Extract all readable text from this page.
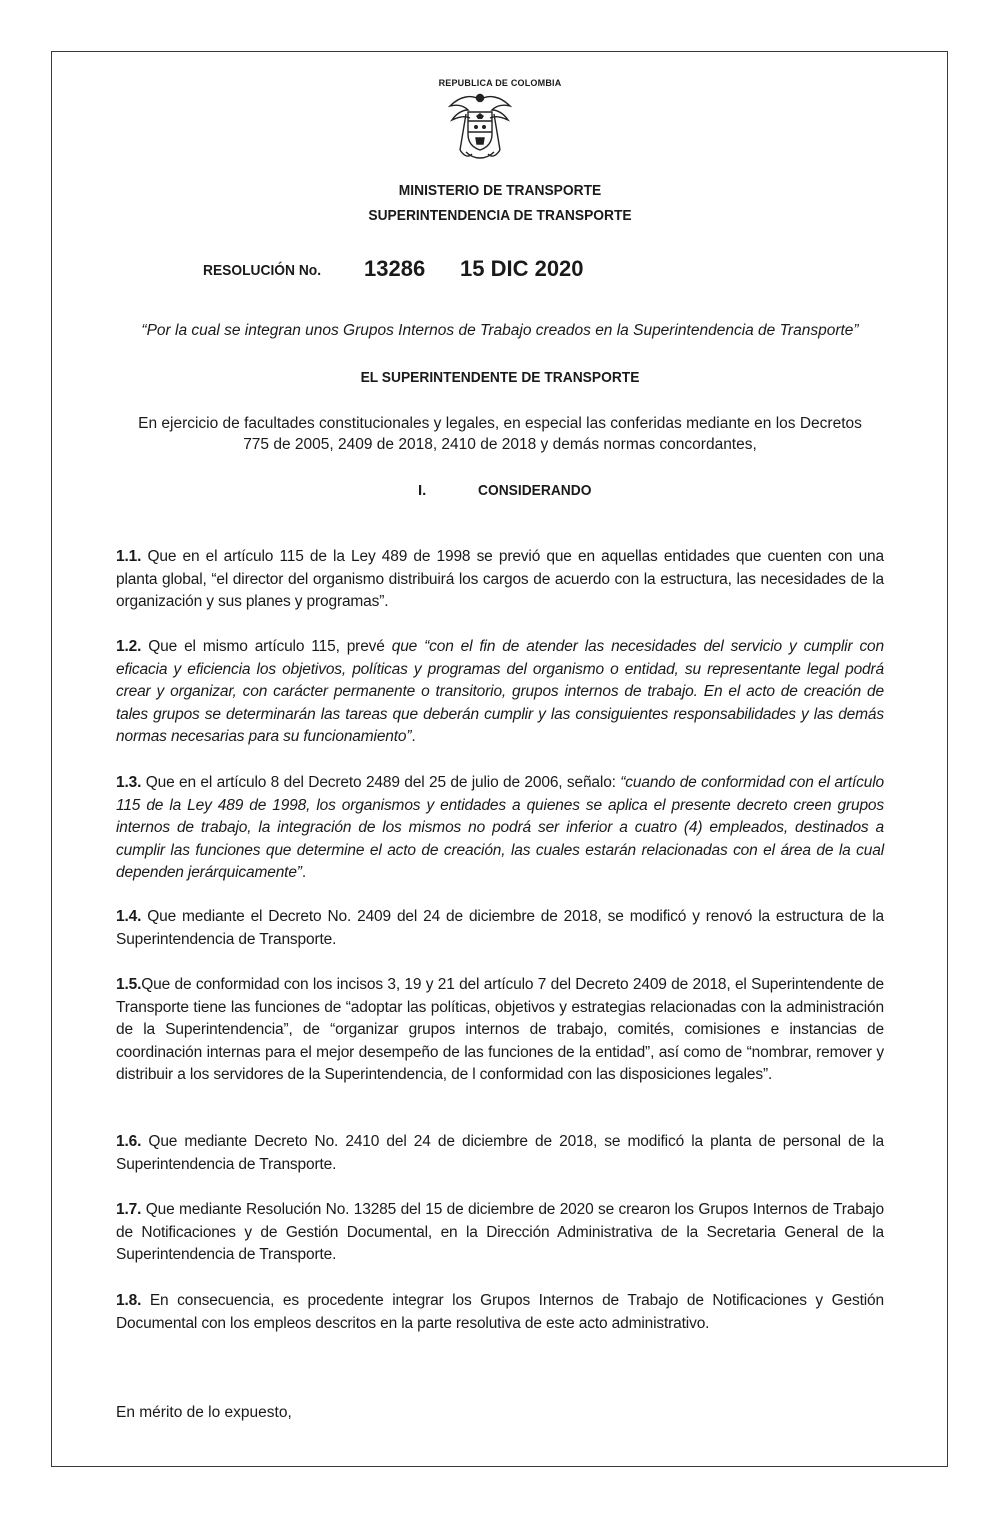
REPUBLICA DE COLOMBIA
MINISTERIO DE TRANSPORTE
SUPERINTENDENCIA DE TRANSPORTE
RESOLUCIÓN No. 13286 15 DIC 2020
“Por la cual se integran unos Grupos Internos de Trabajo creados en la Superintendencia de Transporte”
EL SUPERINTENDENTE DE TRANSPORTE
En ejercicio de facultades constitucionales y legales, en especial las conferidas mediante en los Decretos
775 de 2005, 2409 de 2018, 2410 de 2018 y demás normas concordantes,
I.	CONSIDERANDO
1.1. Que en el artículo 115 de la Ley 489 de 1998 se previó que en aquellas entidades que cuenten con una planta global, “el director del organismo distribuirá los cargos de acuerdo con la estructura, las necesidades de la organización y sus planes y programas”.
1.2. Que el mismo artículo 115, prevé que “con el fin de atender las necesidades del servicio y cumplir con eficacia y eficiencia los objetivos, políticas y programas del organismo o entidad, su representante legal podrá crear y organizar, con carácter permanente o transitorio, grupos internos de trabajo. En el acto de creación de tales grupos se determinarán las tareas que deberán cumplir y las consiguientes responsabilidades y las demás normas necesarias para su funcionamiento”.
1.3. Que en el artículo 8 del Decreto 2489 del 25 de julio de 2006, señalo: “cuando de conformidad con el artículo 115 de la Ley 489 de 1998, los organismos y entidades a quienes se aplica el presente decreto creen grupos internos de trabajo, la integración de los mismos no podrá ser inferior a cuatro (4) empleados, destinados a cumplir las funciones que determine el acto de creación, las cuales estarán relacionadas con el área de la cual dependen jerárquicamente”.
1.4. Que mediante el Decreto No. 2409 del 24 de diciembre de 2018, se modificó y renovó la estructura de la Superintendencia de Transporte.
1.5.Que de conformidad con los incisos 3, 19 y 21 del artículo 7 del Decreto 2409 de 2018, el Superintendente de Transporte tiene las funciones de “adoptar las políticas, objetivos y estrategias relacionadas con la administración de la Superintendencia”, de “organizar grupos internos de trabajo, comités, comisiones e instancias de coordinación internas para el mejor desempeño de las funciones de la entidad”, así como de “nombrar, remover y distribuir a los servidores de la Superintendencia, de l conformidad con las disposiciones legales”.
1.6. Que mediante Decreto No. 2410 del 24 de diciembre de 2018, se modificó la planta de personal de la Superintendencia de Transporte.
1.7. Que mediante Resolución No. 13285 del 15 de diciembre de 2020 se crearon los Grupos Internos de Trabajo de Notificaciones y de Gestión Documental, en la Dirección Administrativa de la Secretaria General de la Superintendencia de Transporte.
1.8. En consecuencia, es procedente integrar los Grupos Internos de Trabajo de Notificaciones y Gestión Documental con los empleos descritos en la parte resolutiva de este acto administrativo.
En mérito de lo expuesto,
